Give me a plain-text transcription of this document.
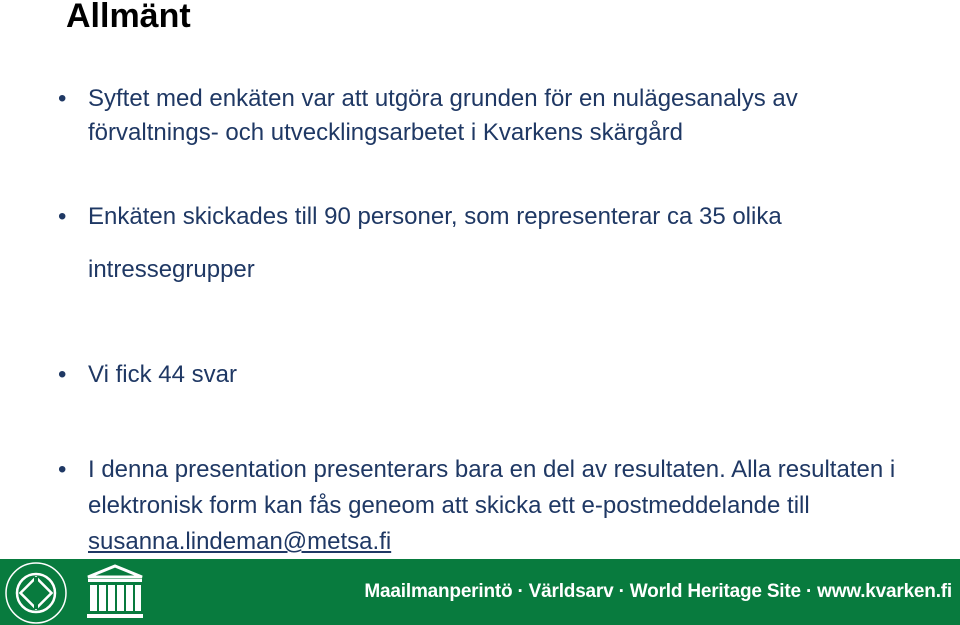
Allmänt
• Syftet med enkäten var att utgöra grunden för en nulägesanalys av förvaltnings- och utvecklingsarbetet i Kvarkens skärgård
• Enkäten skickades till 90 personer, som representerar ca 35 olika intressegrupper
• Vi fick 44 svar
• I denna presentation presenterars bara en del av resultaten. Alla resultaten i elektronisk form kan fås geneom att skicka ett e-postmeddelande till susanna.lindeman@metsa.fi
Maailmanperintö · Världsarv · World Heritage Site · www.kvarken.fi
